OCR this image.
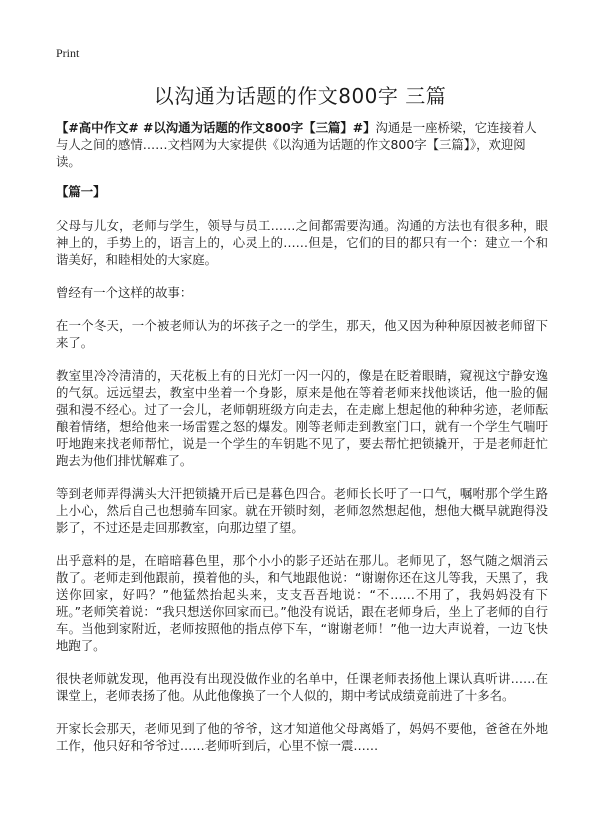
Print
以沟通为话题的作文800字 三篇

【#高中作文# #以沟通为话题的作文800字【三篇】#】沟通是一座桥梁，它连接着人与人之间的感情……文档网为大家提供《以沟通为话题的作文800字【三篇】》，欢迎阅读。

【篇一】

父母与儿女，老师与学生，领导与员工……之间都需要沟通。沟通的方法也有很多种，眼神上的，手势上的，语言上的，心灵上的……但是，它们的目的都只有一个：建立一个和谐美好，和睦相处的大家庭。

曾经有一个这样的故事：

在一个冬天，一个被老师认为的坏孩子之一的学生，那天，他又因为种种原因被老师留下来了。

教室里冷冷清清的，天花板上有的日光灯一闪一闪的，像是在眨着眼睛，窥视这宁静安逸的气氛。远远望去，教室中坐着一个身影，原来是他在等着老师来找他谈话，他一脸的倔强和漫不经心。过了一会儿，老师朝班级方向走去，在走廊上想起他的种种劣迹，老师酝酿着情绪，想给他来一场雷霆之怒的爆发。刚等老师走到教室门口，就有一个学生气喘吁吁地跑来找老师帮忙，说是一个学生的车钥匙不见了，要去帮忙把锁撬开，于是老师赶忙跑去为他们排忧解难了。

等到老师弄得满头大汗把锁撬开后已是暮色四合。老师长长吁了一口气，嘱咐那个学生路上小心，然后自己也想骑车回家。就在开锁时刻，老师忽然想起他，想他大概早就跑得没影了，不过还是走回那教室，向那边望了望。

出乎意料的是，在暗暗暮色里，那个小小的影子还站在那儿。老师见了，怒气随之烟消云散了。老师走到他跟前，摸着他的头，和气地跟他说：“谢谢你还在这儿等我，天黑了，我送你回家，好吗？”他猛然抬起头来，支支吾吾地说：“不……不用了，我妈妈没有下班。”老师笑着说：“我只想送你回家而已。”他没有说话，跟在老师身后，坐上了老师的自行车。当他到家附近，老师按照他的指点停下车，“谢谢老师！”他一边大声说着，一边飞快地跑了。

很快老师就发现，他再没有出现没做作业的名单中，任课老师表扬他上课认真听讲……在课堂上，老师表扬了他。从此他像换了一个人似的，期中考试成绩竟前进了十多名。

开家长会那天，老师见到了他的爷爷，这才知道他父母离婚了，妈妈不要他，爸爸在外地工作，他只好和爷爷过……老师听到后，心里不惊一震……
